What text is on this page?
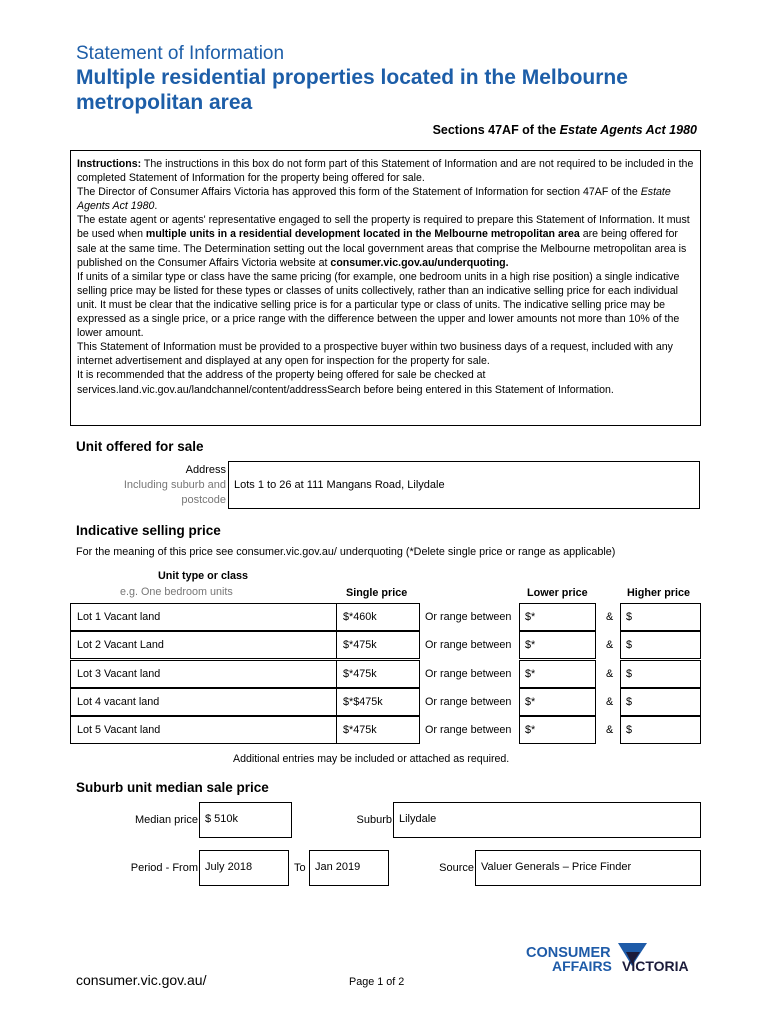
Statement of Information
Multiple residential properties located in the Melbourne metropolitan area
Sections 47AF of the Estate Agents Act 1980

Instructions: The instructions in this box do not form part of this Statement of Information and are not required to be included in the completed Statement of Information for the property being offered for sale.

The Director of Consumer Affairs Victoria has approved this form of the Statement of Information for section 47AF of the Estate Agents Act 1980.

The estate agent or agents' representative engaged to sell the property is required to prepare this Statement of Information. It must be used when multiple units in a residential development located in the Melbourne metropolitan area are being offered for sale at the same time. The Determination setting out the local government areas that comprise the Melbourne metropolitan area is published on the Consumer Affairs Victoria website at consumer.vic.gov.au/underquoting.

If units of a similar type or class have the same pricing (for example, one bedroom units in a high rise position) a single indicative selling price may be listed for these types or classes of units collectively, rather than an indicative selling price for each individual unit. It must be clear that the indicative selling price is for a particular type or class of units. The indicative selling price may be expressed as a single price, or a price range with the difference between the upper and lower amounts not more than 10% of the lower amount.

This Statement of Information must be provided to a prospective buyer within two business days of a request, included with any internet advertisement and displayed at any open for inspection for the property for sale.

It is recommended that the address of the property being offered for sale be checked at services.land.vic.gov.au/landchannel/content/addressSearch before being entered in this Statement of Information.

Unit offered for sale
Address
Including suburb and
postcode
Lots 1 to 26 at 111 Mangans Road, Lilydale
Indicative selling price
For the meaning of this price see consumer.vic.gov.au/ underquoting (*Delete single price or range as applicable)
Unit type or class
e.g. One bedroom units	Single price	Lower price	Higher price
Lot 1 Vacant land	$*460k	Or range between	$*	&	$
Lot 2 Vacant Land	$*475k	Or range between	$*	&	$
Lot 3 Vacant land	$*475k	Or range between	$*	&	$
Lot 4 vacant land	$*$475k	Or range between	$*	&	$
Lot 5 Vacant land	$*475k	Or range between	$*	&	$
Additional entries may be included or attached as required.
Suburb unit median sale price
Median price $ 510k	Suburb Lilydale
Period - From July 2018	To Jan 2019	Source Valuer Generals – Price Finder
CONSUMER
AFFAIRS VICTORIA
consumer.vic.gov.au/	Page 1 of 2
